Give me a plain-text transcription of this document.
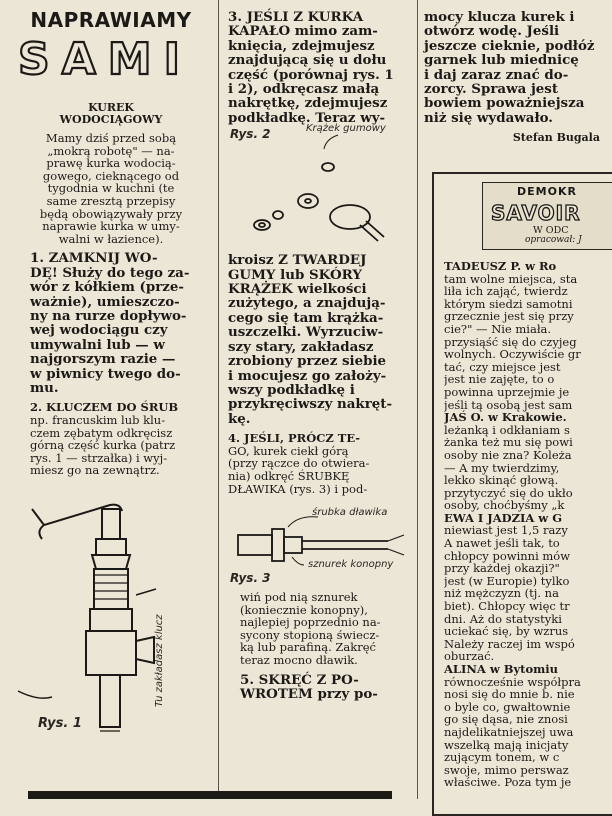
NAPRAWIAMY
SAMI
KUREK
WODOCIĄGOWY

Mamy dziś przed sobą

„mokrą robotę" — na-

prawę kurka wodocią-

gowego, cieknącego od

tygodnia w kuchni (te

same zresztą przepisy

będą obowiązywały przy

naprawie kurka w umy-

walni w łazience).

1. ZAMKNIJ WO-

DĘ! Służy do tego za-

wór z kółkiem (prze-

ważnie), umieszczo-

ny na rurze dopływo-

wej wodociągu czy

umywalni lub — w

najgorszym razie —

w piwnicy twego do-

mu.

2. KLUCZEM DO ŚRUB

np. francuskim lub klu-

czem zębatym odkręcisz

górną część kurka (patrz

rys. 1 — strzałka) i wyj-

miesz go na zewnątrz.

Tu zakładasz klucz
Rys. 1

3. JEŚLI Z KURKA

KAPAŁO mimo zam-

knięcia, zdejmujesz

znajdującą się u dołu

część (porównaj rys. 1

i 2), odkręcasz małą

nakrętkę, zdejmujesz

podkładkę. Teraz wy-

Krążek gumowy
Rys. 2

kroisz Z TWARDEJ

GUMY lub SKÓRY

KRĄŻEK wielkości

zużytego, a znajdują-

cego się tam krążka-

uszczelki. Wyrzuciw-

szy stary, zakładasz

zrobiony przez siebie

i mocujesz go założy-

wszy podkładkę i

przykręciwszy nakręt-

kę.

4. JEŚLI, PRÓCZ TE-

GO, kurek ciekł górą

(przy rączce do otwiera-

nia) odkręć ŚRUBKĘ

DŁAWIKA (rys. 3) i pod-

śrubka dławika
sznurek konopny
Rys. 3

wiń pod nią sznurek

(koniecznie konopny),

najlepiej poprzednio na-

sycony stopioną świecz-

ką lub parafiną. Zakręć

teraz mocno dławik.

5. SKRĘĆ Z PO-

WROTEM przy po-

mocy klucza kurek i

otwórz wodę. Jeśli

jeszcze cieknie, podłóż

garnek lub miednicę

i daj zaraz znać do-

zorcy. Sprawa jest

bowiem poważniejsza

niż się wydawało.

Stefan Bugala
DEMOKR
SAVOIR
W ODC
opracował: J

TADEUSZ P. w Ro

tam wolne miejsca, sta

liła ich zająć, twierdz

którym siedzi samotni

grzecznie jest się przy

cie?" — Nie miała.

przysiąść się do czyjeg

wolnych. Oczywiście gr

tać, czy miejsce jest

jest nie zajęte, to o

powinna uprzejmie je

jeśli tą osobą jest sam

JAŚ O. w Krakowie.

leżanką i odkłaniam s

żanka też mu się powi

osoby nie zna? Koleża

— A my twierdzimy,

lekko skinąć głową.

przytyczyć się do ukło

osoby, choćbyśmy „k

EWA I JADZIA w G

niewiast jest 1,5 razy

A nawet jeśli tak, to

chłopcy powinni mów

przy każdej okazji?"

jest (w Europie) tylko

niż mężczyzn (tj. na

biet). Chłopcy więc tr

dni. Aż do statystyki

uciekać się, by wzrus

Należy raczej im wspó

oburzać.

ALINA w Bytomiu

równocześnie współpra

nosi się do mnie b. nie

o byle co, gwałtownie

go się dąsa, nie znosi

najdelikatniejszej uwa

wszelką mają inicjaty

zującym tonem, w c

swoje, mimo perswaz

właściwe. Poza tym je
